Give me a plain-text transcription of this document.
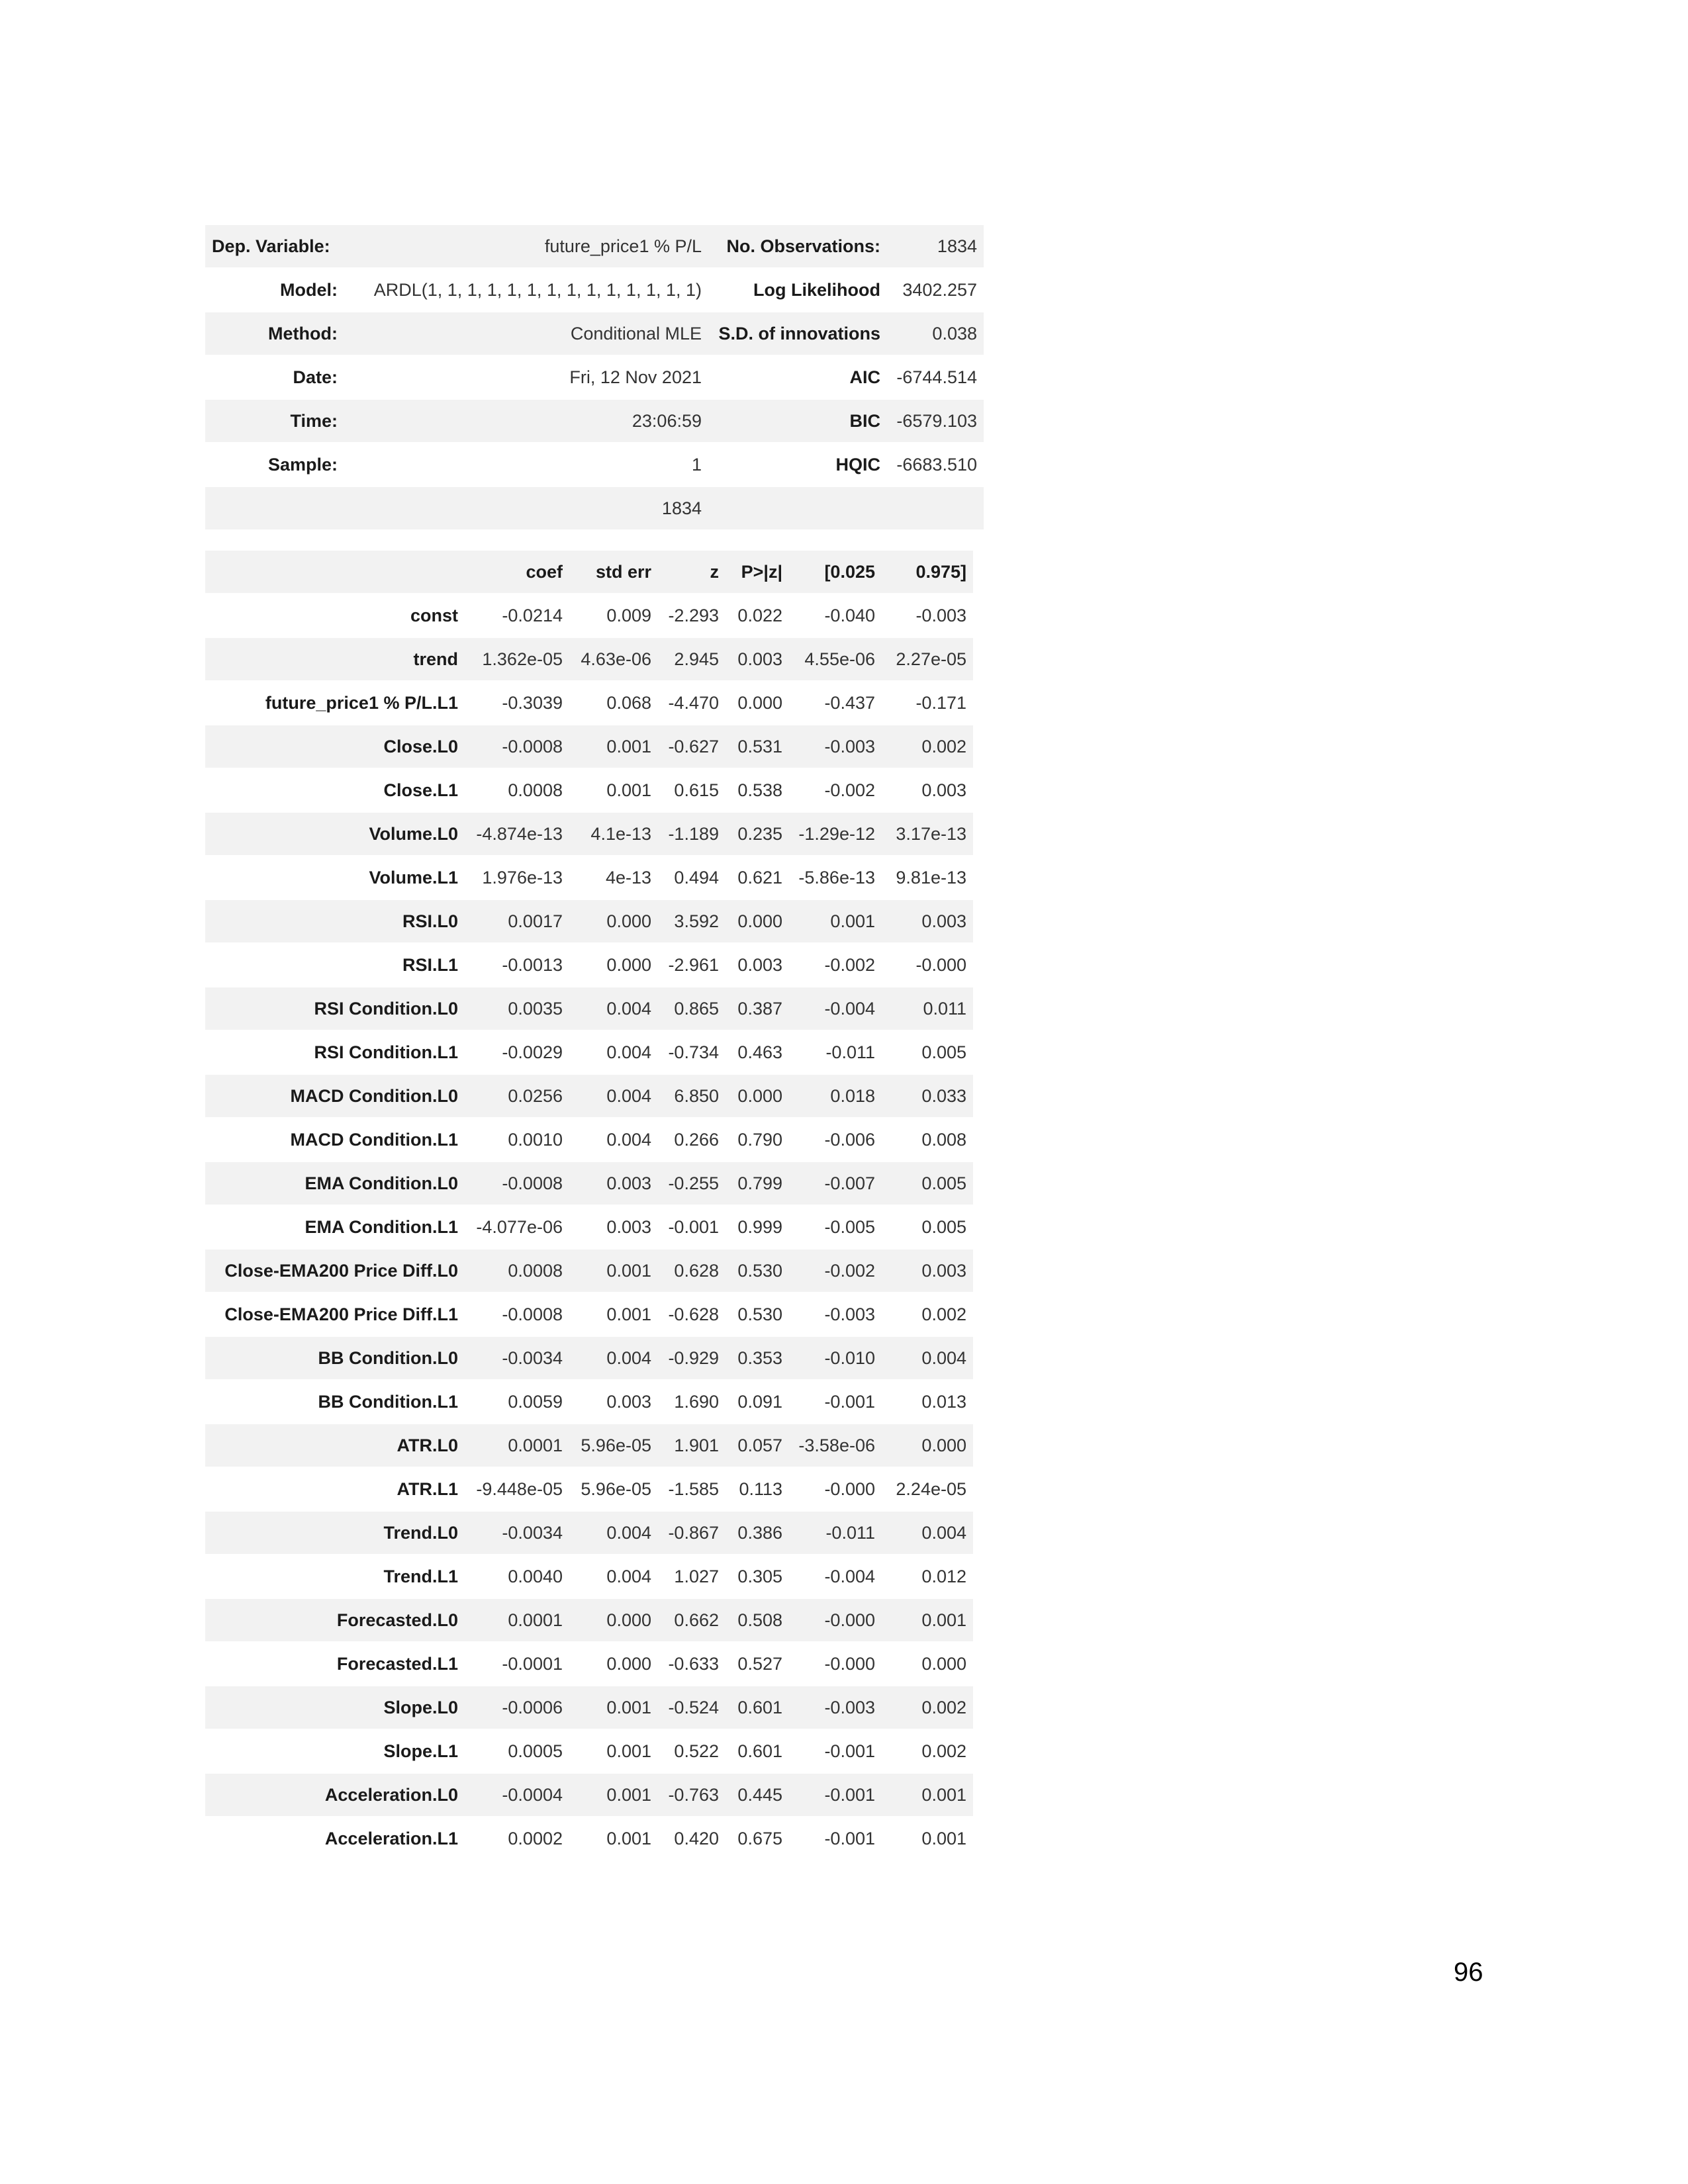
Dep. Variable:	future_price1 % P/L	No. Observations:	1834
Model:	ARDL(1, 1, 1, 1, 1, 1, 1, 1, 1, 1, 1, 1, 1, 1)	Log Likelihood	3402.257
Method:	Conditional MLE	S.D. of innovations	0.038
Date:	Fri, 12 Nov 2021	AIC	-6744.514
Time:	23:06:59	BIC	-6579.103
Sample:	1	HQIC	-6683.510
	1834		
	coef	std err	z	P>|z|	[0.025	0.975]
const	-0.0214	0.009	-2.293	0.022	-0.040	-0.003
trend	1.362e-05	4.63e-06	2.945	0.003	4.55e-06	2.27e-05
future_price1 % P/L.L1	-0.3039	0.068	-4.470	0.000	-0.437	-0.171
Close.L0	-0.0008	0.001	-0.627	0.531	-0.003	0.002
Close.L1	0.0008	0.001	0.615	0.538	-0.002	0.003
Volume.L0	-4.874e-13	4.1e-13	-1.189	0.235	-1.29e-12	3.17e-13
Volume.L1	1.976e-13	4e-13	0.494	0.621	-5.86e-13	9.81e-13
RSI.L0	0.0017	0.000	3.592	0.000	0.001	0.003
RSI.L1	-0.0013	0.000	-2.961	0.003	-0.002	-0.000
RSI Condition.L0	0.0035	0.004	0.865	0.387	-0.004	0.011
RSI Condition.L1	-0.0029	0.004	-0.734	0.463	-0.011	0.005
MACD Condition.L0	0.0256	0.004	6.850	0.000	0.018	0.033
MACD Condition.L1	0.0010	0.004	0.266	0.790	-0.006	0.008
EMA Condition.L0	-0.0008	0.003	-0.255	0.799	-0.007	0.005
EMA Condition.L1	-4.077e-06	0.003	-0.001	0.999	-0.005	0.005
Close-EMA200 Price Diff.L0	0.0008	0.001	0.628	0.530	-0.002	0.003
Close-EMA200 Price Diff.L1	-0.0008	0.001	-0.628	0.530	-0.003	0.002
BB Condition.L0	-0.0034	0.004	-0.929	0.353	-0.010	0.004
BB Condition.L1	0.0059	0.003	1.690	0.091	-0.001	0.013
ATR.L0	0.0001	5.96e-05	1.901	0.057	-3.58e-06	0.000
ATR.L1	-9.448e-05	5.96e-05	-1.585	0.113	-0.000	2.24e-05
Trend.L0	-0.0034	0.004	-0.867	0.386	-0.011	0.004
Trend.L1	0.0040	0.004	1.027	0.305	-0.004	0.012
Forecasted.L0	0.0001	0.000	0.662	0.508	-0.000	0.001
Forecasted.L1	-0.0001	0.000	-0.633	0.527	-0.000	0.000
Slope.L0	-0.0006	0.001	-0.524	0.601	-0.003	0.002
Slope.L1	0.0005	0.001	0.522	0.601	-0.001	0.002
Acceleration.L0	-0.0004	0.001	-0.763	0.445	-0.001	0.001
Acceleration.L1	0.0002	0.001	0.420	0.675	-0.001	0.001
96
